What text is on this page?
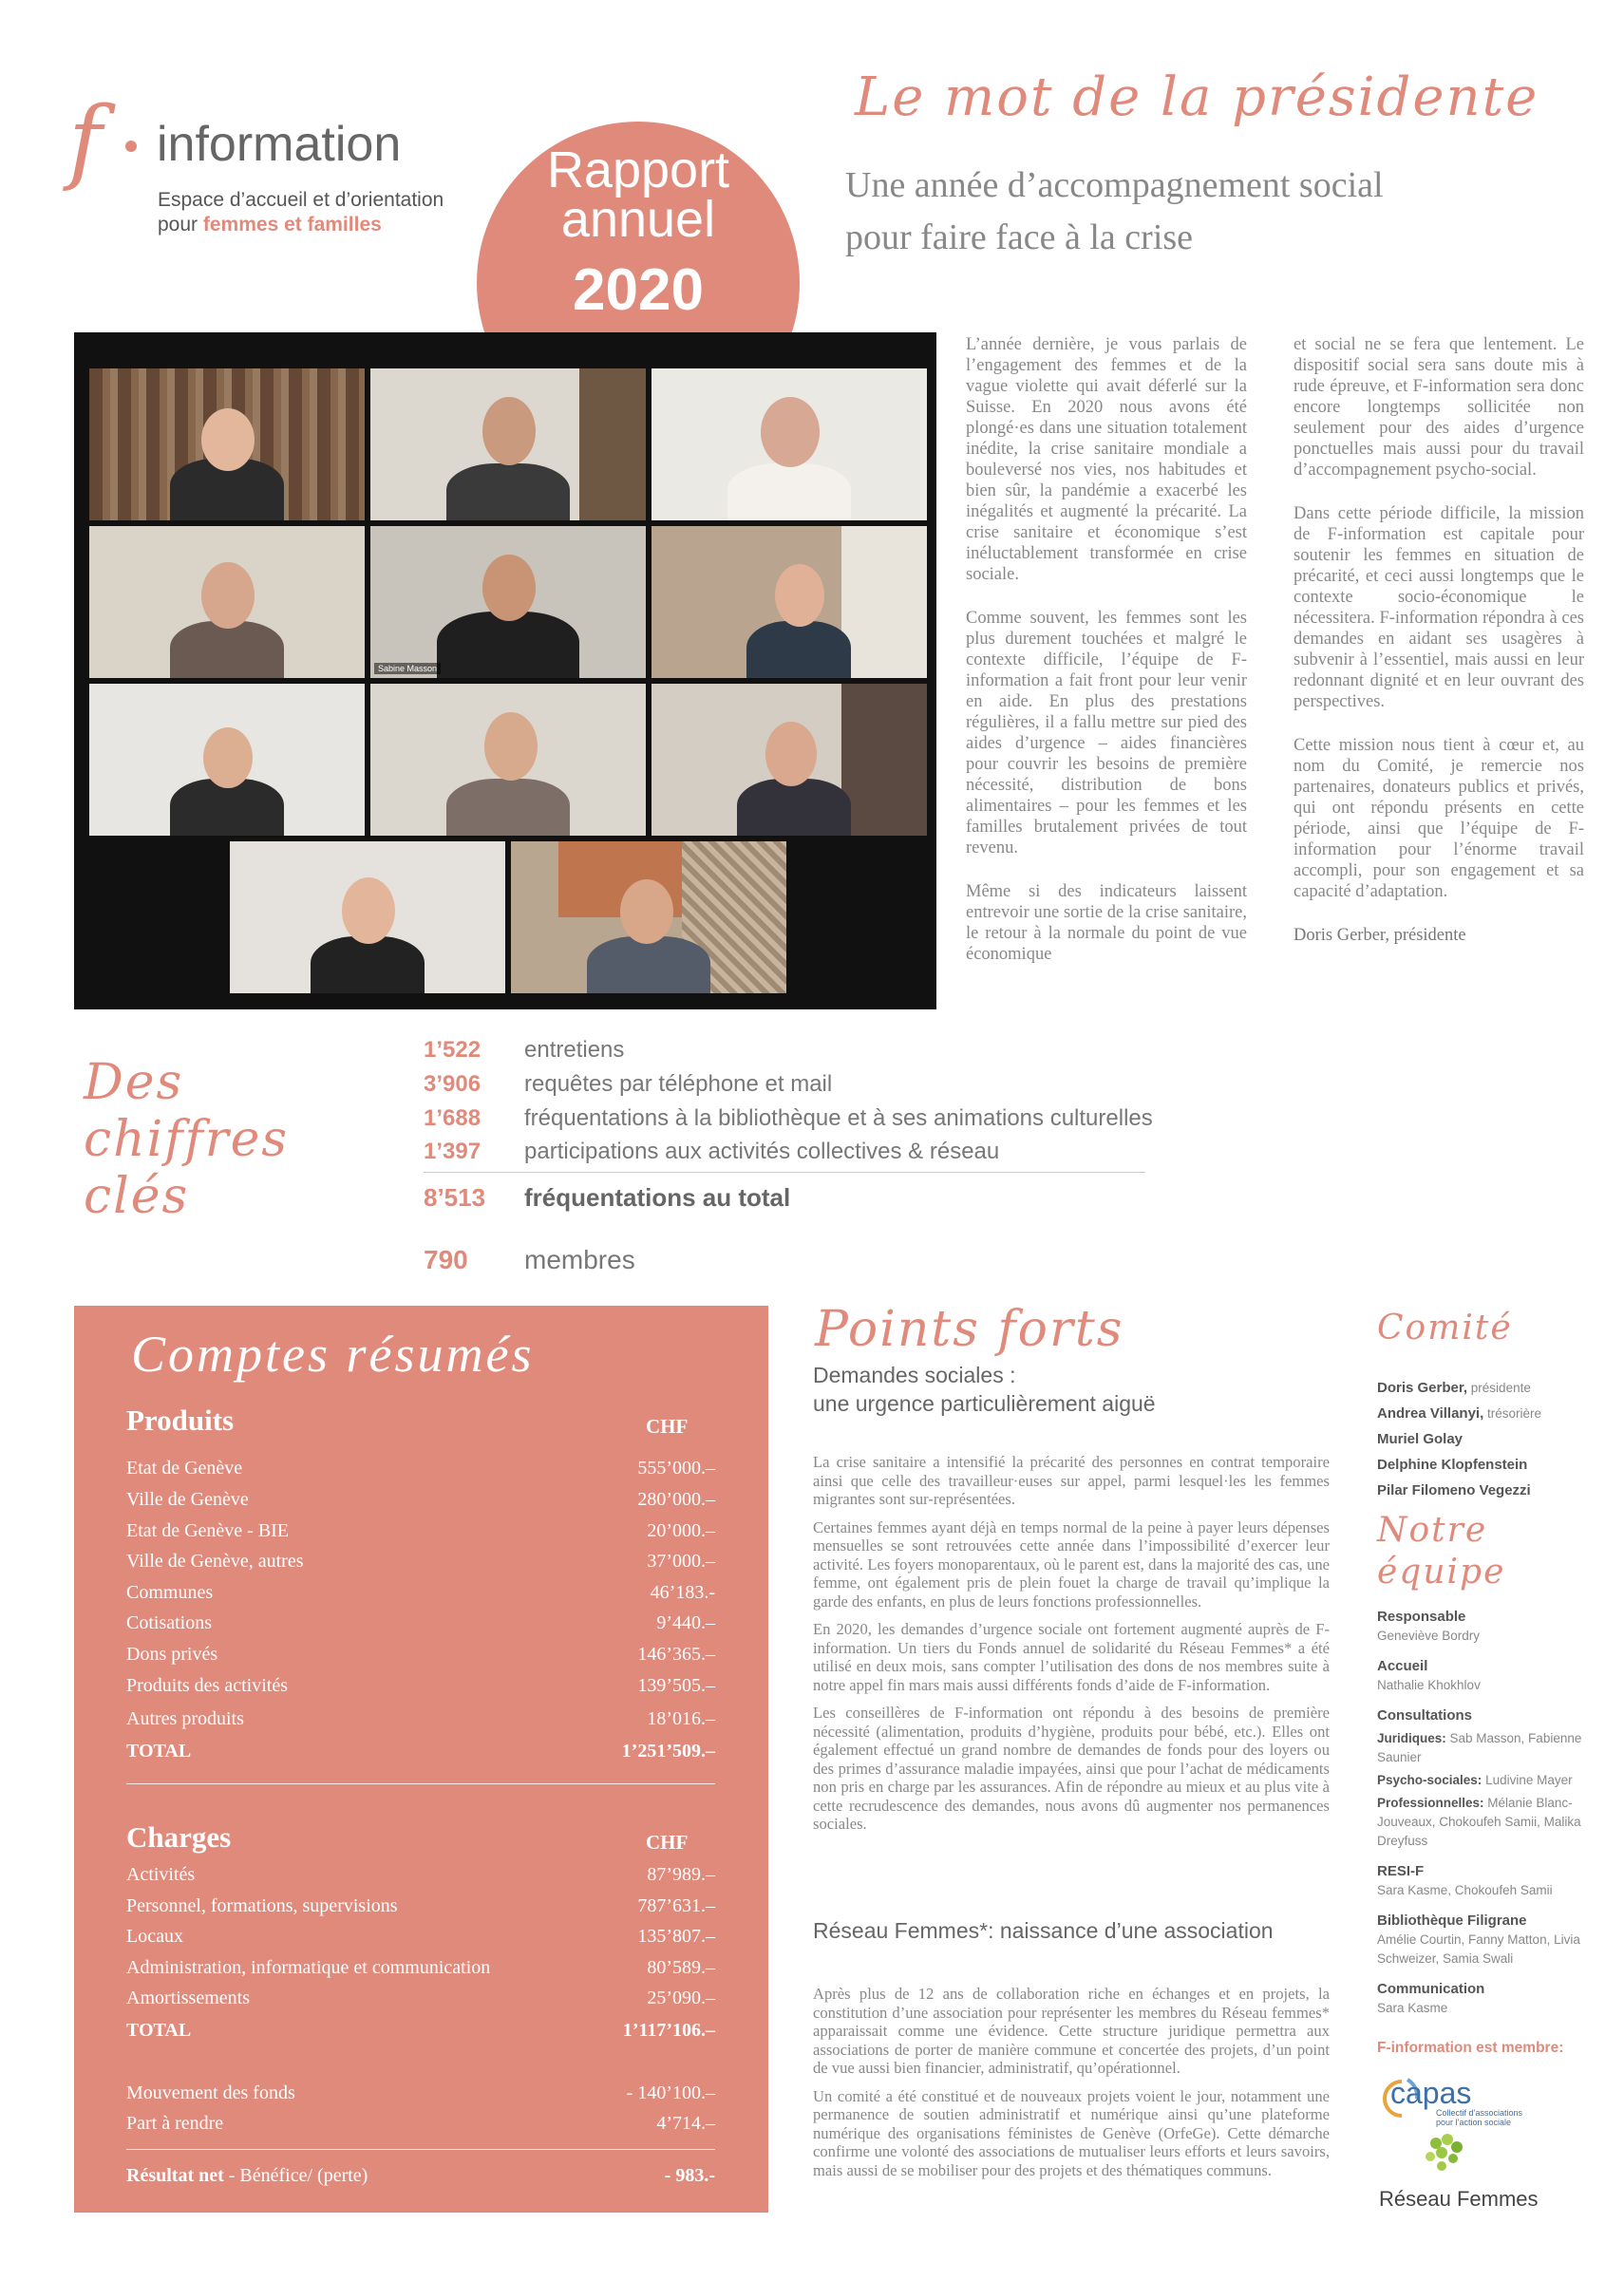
f information
Espace d’accueil et d’orientation
pour femmes et familles
Rapport
annuel
2020
Le mot de la présidente
Une année d’accompagnement social
pour faire face à la crise
Sabine Masson

L’année dernière, je vous parlais de l’engagement des femmes et de la vague violette qui avait déferlé sur la Suisse. En 2020 nous avons été plongé·es dans une situation totalement inédite, la crise sanitaire mondiale a bouleversé nos vies, nos habitudes et bien sûr, la pandémie a exacerbé les inégalités et augmenté la précarité. La crise sanitaire et économique s’est inéluctablement transformée en crise sociale.

Comme souvent, les femmes sont les plus durement touchées et malgré le contexte difficile, l’équipe de F-information a fait front pour leur venir en aide. En plus des prestations régulières, il a fallu mettre sur pied des aides d’urgence – aides financières pour couvrir les besoins de première nécessité, distribution de bons alimentaires – pour les femmes et les familles brutalement privées de tout revenu.

Même si des indicateurs laissent entrevoir une sortie de la crise sanitaire, le retour à la normale du point de vue économique

et social ne se fera que lentement. Le dispositif social sera sans doute mis à rude épreuve, et F-information sera donc encore longtemps sollicitée non seulement pour des aides d’urgence ponctuelles mais aussi pour du travail d’accompagnement psycho-social.

Dans cette période difficile, la mission de F-information est capitale pour soutenir les femmes en situation de précarité, et ceci aussi longtemps que le contexte socio-économique le nécessitera. F-information répondra à ces demandes en aidant ses usagères à subvenir à l’essentiel, mais aussi en leur redonnant dignité et en leur ouvrant des perspectives.

Cette mission nous tient à cœur et, au nom du Comité, je remercie nos partenaires, donateurs publics et privés, qui ont répondu présents en cette période, ainsi que l’équipe de F-information pour l’énorme travail accompli, pour son engagement et sa capacité d’adaptation.

Doris Gerber, présidente

Des
chiffres
clés
1’522 entretiens
3’906 requêtes par téléphone et mail
1’688 fréquentations à la bibliothèque et à ses animations culturelles
1’397 participations aux activités collectives & réseau
8’513 fréquentations au total
790 membres
Comptes résumés
Produits	CHF
Etat de Genève	555’000.–
Ville de Genève	280’000.–
Etat de Genève - BIE	20’000.–
Ville de Genève, autres	37’000.–
Communes	46’183.-
Cotisations	9’440.–
Dons privés	146’365.–
Produits des activités	139’505.–
Autres produits	18’016.–
TOTAL	1’251’509.–
Charges	CHF
Activités	87’989.–
Personnel, formations, supervisions	787’631.–
Locaux	135’807.–
Administration, informatique et communication	80’589.–
Amortissements	25’090.–
TOTAL	1’117’106.–
Mouvement des fonds	- 140’100.–
Part à rendre	4’714.–
Résultat net - Bénéfice/ (perte)	- 983.-
Points forts
Demandes sociales :
une urgence particulièrement aiguë

La crise sanitaire a intensifié la précarité des personnes en contrat temporaire ainsi que celle des travailleur·euses sur appel, parmi lesquel·les les femmes migrantes sont sur-représentées.

Certaines femmes ayant déjà en temps normal de la peine à payer leurs dépenses mensuelles se sont retrouvées cette année dans l’impossibilité d’exercer leur activité. Les foyers monoparentaux, où le parent est, dans la majorité des cas, une femme, ont également pris de plein fouet la charge de travail qu’implique la garde des enfants, en plus de leurs fonctions professionnelles.

En 2020, les demandes d’urgence sociale ont fortement augmenté auprès de F-information. Un tiers du Fonds annuel de solidarité du Réseau Femmes* a été utilisé en deux mois, sans compter l’utilisation des dons de nos membres suite à notre appel fin mars mais aussi différents fonds d’aide de F-information.

Les conseillères de F-information ont répondu à des besoins de première nécessité (alimentation, produits d’hygiène, produits pour bébé, etc.). Elles ont également effectué un grand nombre de demandes de fonds pour des loyers ou des primes d’assurance maladie impayées, ainsi que pour l’achat de médicaments non pris en charge par les assurances. Afin de répondre au mieux et au plus vite à cette recrudescence des demandes, nous avons dû augmenter nos permanences sociales.

Réseau Femmes*: naissance d’une association

Après plus de 12 ans de collaboration riche en échanges et en projets, la constitution d’une association pour représenter les membres du Réseau femmes* apparaissait comme une évidence. Cette structure juridique permettra aux associations de porter de manière commune et concertée des projets, d’un point de vue aussi bien financier, administratif, qu’opérationnel.

Un comité a été constitué et de nouveaux projets voient le jour, notamment une permanence de soutien administratif et numérique ainsi qu’une plateforme numérique des organisations féministes de Genève (OrfeGe). Cette démarche confirme une volonté des associations de mutualiser leurs efforts et leurs savoirs, mais aussi de se mobiliser pour des projets et des thématiques communs.

Comité
Doris Gerber, présidente
Andrea Villanyi, trésorière
Muriel Golay
Delphine Klopfenstein
Pilar Filomeno Vegezzi
Notre
équipe
Responsable
Geneviève Bordry
Accueil
Nathalie Khokhlov
Consultations
Juridiques: Sab Masson, Fabienne Saunier
Psycho-sociales: Ludivine Mayer
Professionnelles: Mélanie Blanc-Jouveaux, Chokoufeh Samii, Malika Dreyfuss
RESI-F
Sara Kasme, Chokoufeh Samii
Bibliothèque Filigrane
Amélie Courtin, Fanny Matton, Livia Schweizer, Samia Swali
Communication
Sara Kasme
F-information est membre:
capas
Collectif d’associations
pour l’action sociale
Réseau Femmes
